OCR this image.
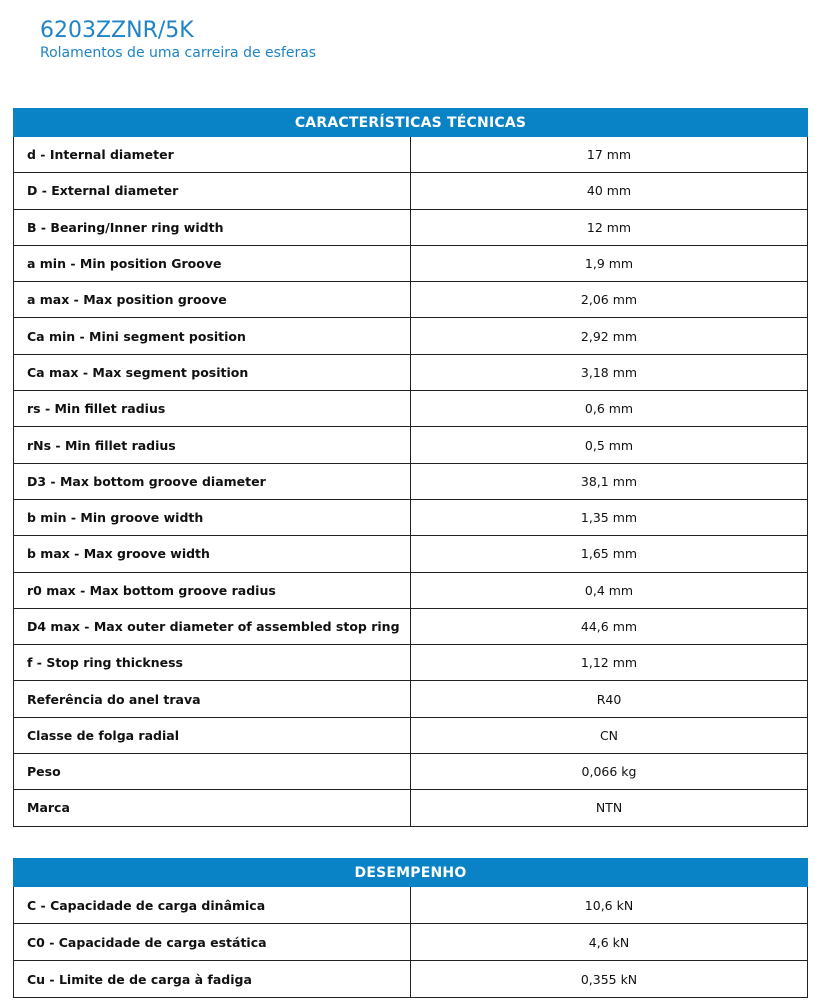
6203ZZNR/5K
Rolamentos de uma carreira de esferas
CARACTERÍSTICAS TÉCNICAS	
d - Internal diameter	17 mm
D - External diameter	40 mm
B - Bearing/Inner ring width	12 mm
a min - Min position Groove	1,9 mm
a max - Max position groove	2,06 mm
Ca min - Mini segment position	2,92 mm
Ca max - Max segment position	3,18 mm
rs - Min fillet radius	0,6 mm
rNs - Min fillet radius	0,5 mm
D3 - Max bottom groove diameter	38,1 mm
b min - Min groove width	1,35 mm
b max - Max groove width	1,65 mm
r0 max - Max bottom groove radius	0,4 mm
D4 max - Max outer diameter of assembled stop ring	44,6 mm
f - Stop ring thickness	1,12 mm
Referência do anel trava	R40
Classe de folga radial	CN
Peso	0,066 kg
Marca	NTN
DESEMPENHO	
C - Capacidade de carga dinâmica	10,6 kN
C0 - Capacidade de carga estática	4,6 kN
Cu - Limite de de carga à fadiga	0,355 kN
